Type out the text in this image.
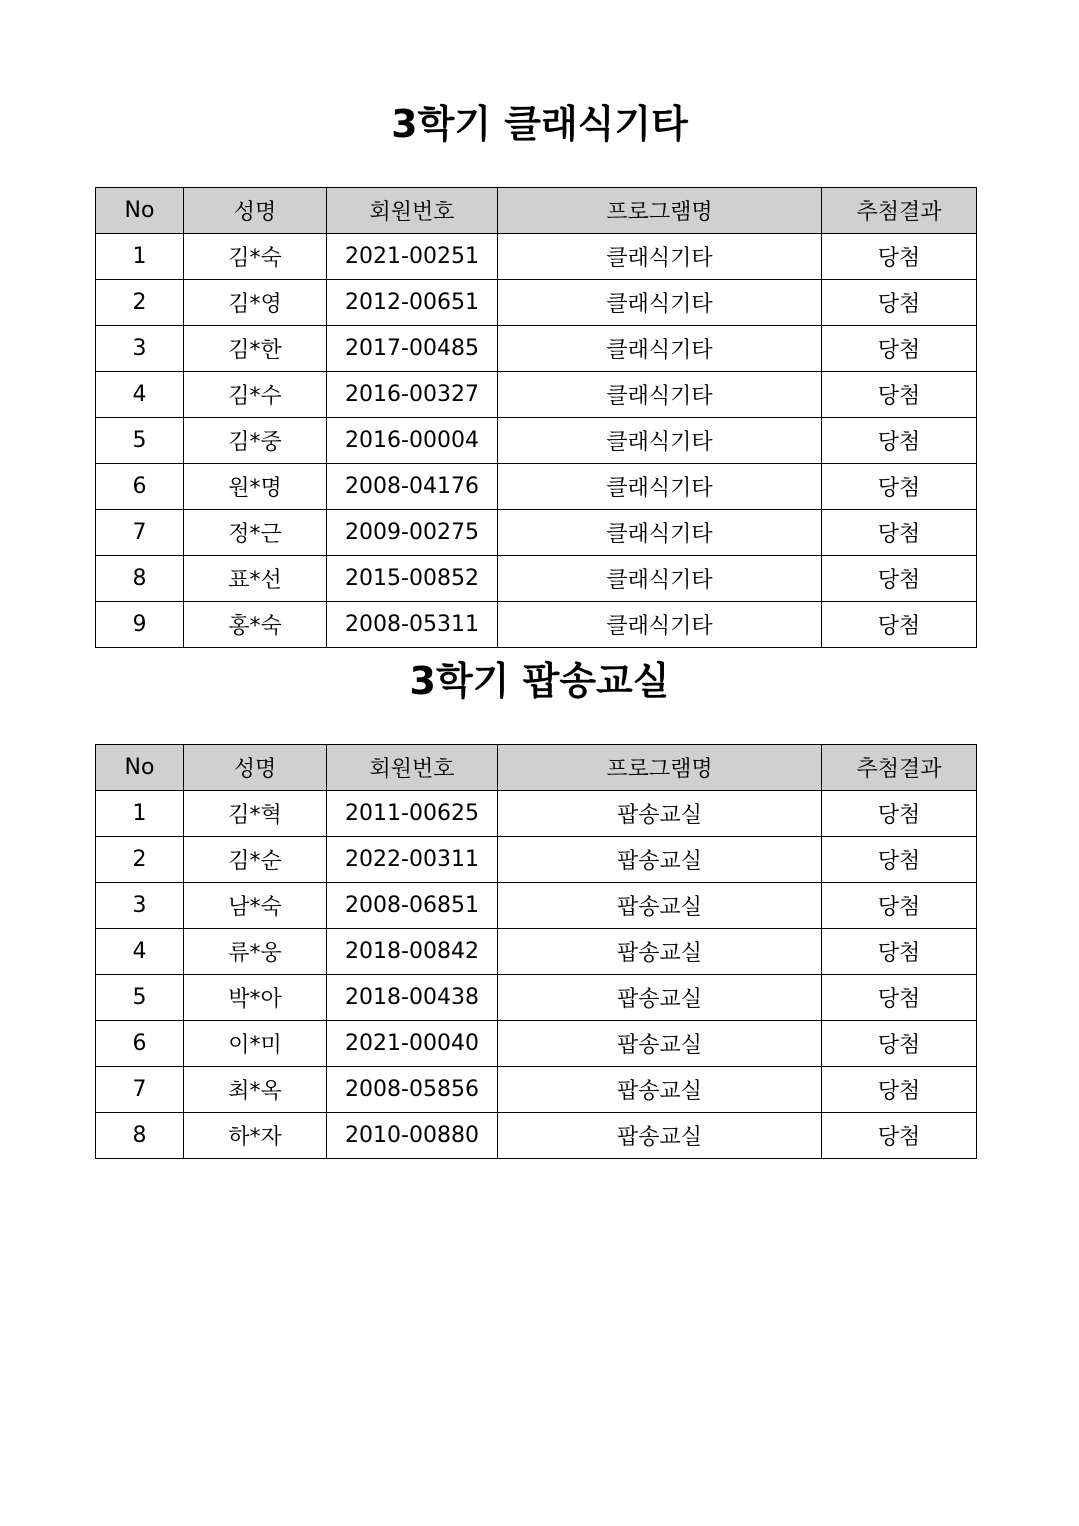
3학기 클래식기타
No	성명	회원번호	프로그램명	추첨결과
1	김*숙	2021-00251	클래식기타	당첨
2	김*영	2012-00651	클래식기타	당첨
3	김*한	2017-00485	클래식기타	당첨
4	김*수	2016-00327	클래식기타	당첨
5	김*중	2016-00004	클래식기타	당첨
6	원*명	2008-04176	클래식기타	당첨
7	정*근	2009-00275	클래식기타	당첨
8	표*선	2015-00852	클래식기타	당첨
9	홍*숙	2008-05311	클래식기타	당첨
3학기 팝송교실
No	성명	회원번호	프로그램명	추첨결과
1	김*혁	2011-00625	팝송교실	당첨
2	김*순	2022-00311	팝송교실	당첨
3	남*숙	2008-06851	팝송교실	당첨
4	류*웅	2018-00842	팝송교실	당첨
5	박*아	2018-00438	팝송교실	당첨
6	이*미	2021-00040	팝송교실	당첨
7	최*옥	2008-05856	팝송교실	당첨
8	하*자	2010-00880	팝송교실	당첨
